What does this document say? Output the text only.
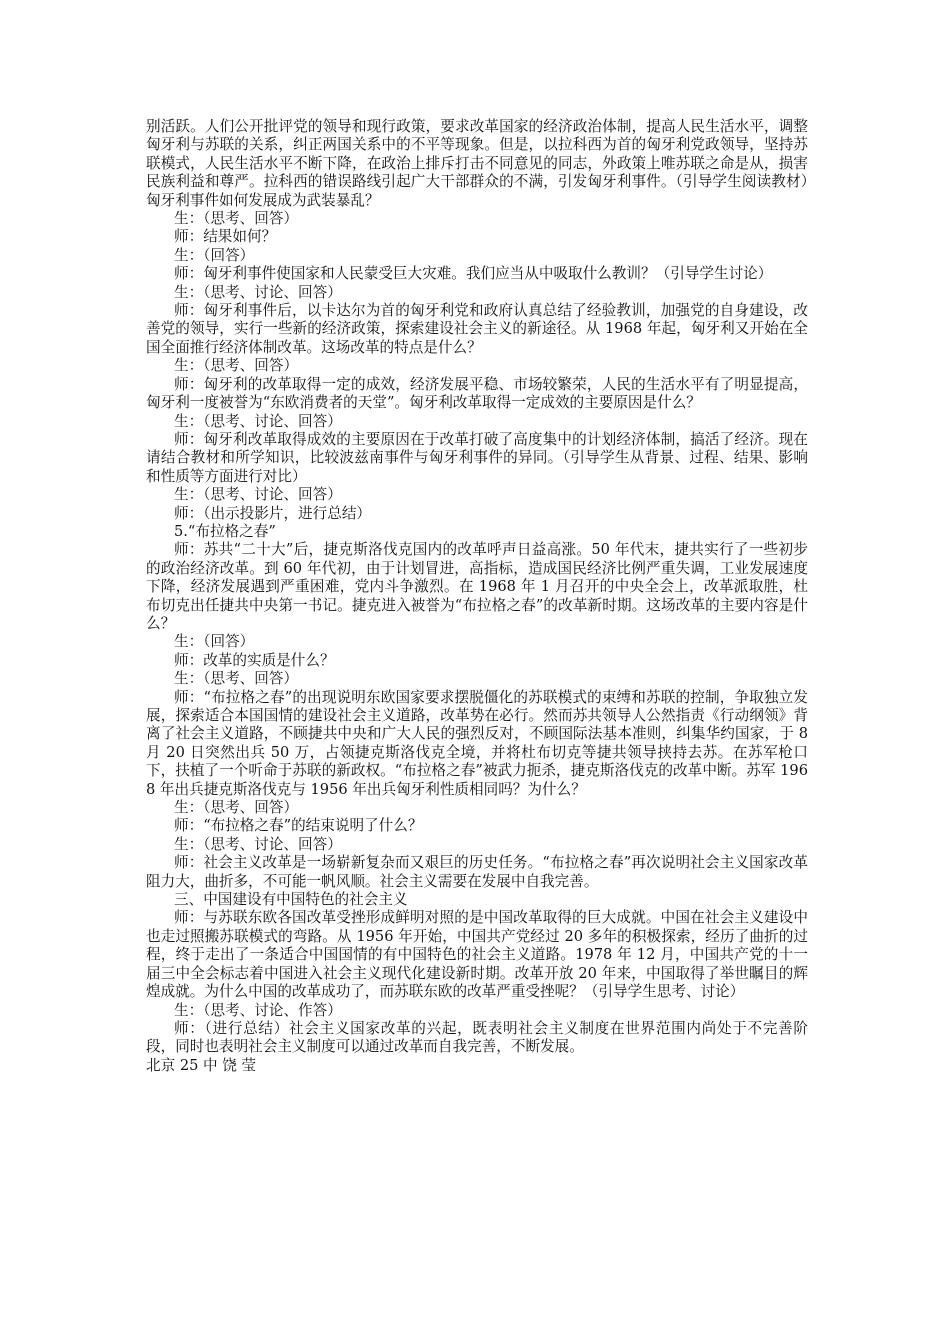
别活跃。人们公开批评党的领导和现行政策，要求改革国家的经济政治体制，提高人民生活水平，调整匈牙利与苏联的关系，纠正两国关系中的不平等现象。但是，以拉科西为首的匈牙利党政领导，坚持苏联模式，人民生活水平不断下降，在政治上排斥打击不同意见的同志，外政策上唯苏联之命是从，损害民族利益和尊严。拉科西的错误路线引起广大干部群众的不满，引发匈牙利事件。（引导学生阅读教材）匈牙利事件如何发展成为武装暴乱？

生：（思考、回答）

师：结果如何？

生：（回答）

师：匈牙利事件使国家和人民蒙受巨大灾难。我们应当从中吸取什么教训？（引导学生讨论）

生：（思考、讨论、回答）

师：匈牙利事件后，以卡达尔为首的匈牙利党和政府认真总结了经验教训，加强党的自身建设，改善党的领导，实行一些新的经济政策，探索建设社会主义的新途径。从 1968 年起，匈牙利又开始在全国全面推行经济体制改革。这场改革的特点是什么？

生：（思考、回答）

师：匈牙利的改革取得一定的成效，经济发展平稳、市场较繁荣，人民的生活水平有了明显提高，匈牙利一度被誉为“东欧消费者的天堂”。匈牙利改革取得一定成效的主要原因是什么？

生：（思考、讨论、回答）

师：匈牙利改革取得成效的主要原因在于改革打破了高度集中的计划经济体制，搞活了经济。现在请结合教材和所学知识，比较波兹南事件与匈牙利事件的异同。（引导学生从背景、过程、结果、影响和性质等方面进行对比）

生：（思考、讨论、回答）

师：（出示投影片，进行总结）

5.“布拉格之春”

师：苏共“二十大”后，捷克斯洛伐克国内的改革呼声日益高涨。50 年代末，捷共实行了一些初步的政治经济改革。到 60 年代初，由于计划冒进，高指标，造成国民经济比例严重失调，工业发展速度下降，经济发展遇到严重困难，党内斗争激烈。在 1968 年 1 月召开的中央全会上，改革派取胜，杜布切克出任捷共中央第一书记。捷克进入被誉为“布拉格之春”的改革新时期。这场改革的主要内容是什么？

生：（回答）

师：改革的实质是什么？

生：（思考、回答）

师：“布拉格之春”的出现说明东欧国家要求摆脱僵化的苏联模式的束缚和苏联的控制，争取独立发展，探索适合本国国情的建设社会主义道路，改革势在必行。然而苏共领导人公然指责《行动纲领》背离了社会主义道路，不顾捷共中央和广大人民的强烈反对，不顾国际法基本准则，纠集华约国家，于 8 月 20 日突然出兵 50 万，占领捷克斯洛伐克全境，并将杜布切克等捷共领导挟持去苏。在苏军枪口下，扶植了一个听命于苏联的新政权。“布拉格之春”被武力扼杀，捷克斯洛伐克的改革中断。苏军 1968 年出兵捷克斯洛伐克与 1956 年出兵匈牙利性质相同吗？为什么？

生：（思考、回答）

师：“布拉格之春”的结束说明了什么？

生：（思考、讨论、回答）

师：社会主义改革是一场崭新复杂而又艰巨的历史任务。“布拉格之春”再次说明社会主义国家改革阻力大，曲折多，不可能一帆风顺。社会主义需要在发展中自我完善。

三、中国建设有中国特色的社会主义

师：与苏联东欧各国改革受挫形成鲜明对照的是中国改革取得的巨大成就。中国在社会主义建设中也走过照搬苏联模式的弯路。从 1956 年开始，中国共产党经过 20 多年的积极探索，经历了曲折的过程，终于走出了一条适合中国国情的有中国特色的社会主义道路。1978 年 12 月，中国共产党的十一届三中全会标志着中国进入社会主义现代化建设新时期。改革开放 20 年来，中国取得了举世瞩目的辉煌成就。为什么中国的改革成功了，而苏联东欧的改革严重受挫呢？（引导学生思考、讨论）

生：（思考、讨论、作答）

师：（进行总结）社会主义国家改革的兴起，既表明社会主义制度在世界范围内尚处于不完善阶段，同时也表明社会主义制度可以通过改革而自我完善，不断发展。

北京 25 中 饶 莹
